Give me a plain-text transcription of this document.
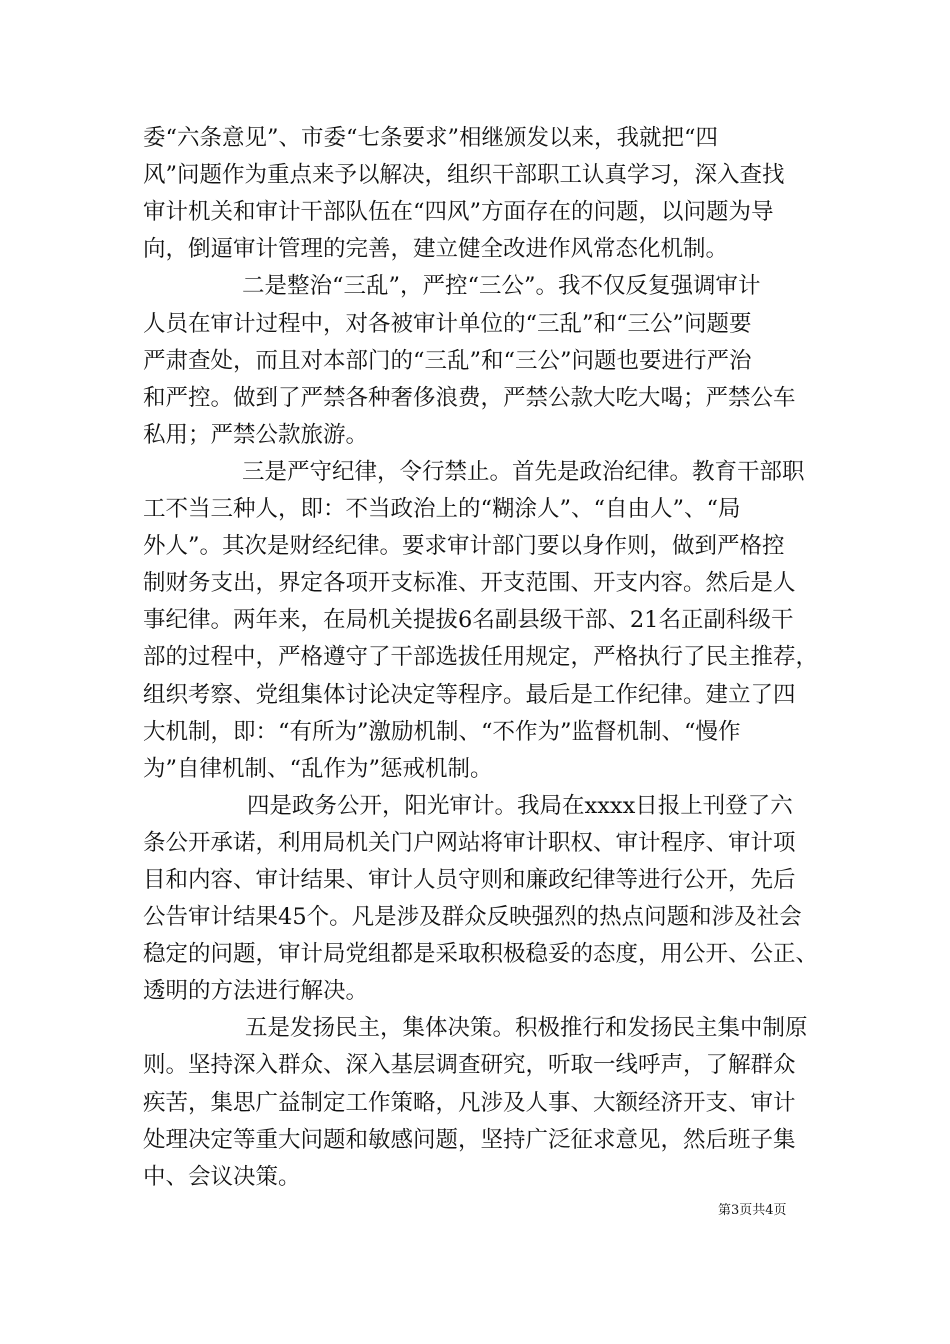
委“六条意见”、市委“七条要求”相继颁发以来，我就把“四
风”问题作为重点来予以解决，组织干部职工认真学习，深入查找
审计机关和审计干部队伍在“四风”方面存在的问题，以问题为导
向，倒逼审计管理的完善，建立健全改进作风常态化机制。
二是整治“三乱”，严控“三公”。我不仅反复强调审计
人员在审计过程中，对各被审计单位的“三乱”和“三公”问题要
严肃查处，而且对本部门的“三乱”和“三公”问题也要进行严治
和严控。做到了严禁各种奢侈浪费，严禁公款大吃大喝；严禁公车
私用；严禁公款旅游。
三是严守纪律，令行禁止。首先是政治纪律。教育干部职
工不当三种人，即：不当政治上的“糊涂人”、“自由人”、“局
外人”。其次是财经纪律。要求审计部门要以身作则，做到严格控
制财务支出，界定各项开支标准、开支范围、开支内容。然后是人
事纪律。两年来，在局机关提拔6名副县级干部、21名正副科级干
部的过程中，严格遵守了干部选拔任用规定，严格执行了民主推荐，
组织考察、党组集体讨论决定等程序。最后是工作纪律。建立了四
大机制，即：“有所为”激励机制、“不作为”监督机制、“慢作
为”自律机制、“乱作为”惩戒机制。
四是政务公开，阳光审计。我局在xxxx日报上刊登了六
条公开承诺，利用局机关门户网站将审计职权、审计程序、审计项
目和内容、审计结果、审计人员守则和廉政纪律等进行公开，先后
公告审计结果45个。凡是涉及群众反映强烈的热点问题和涉及社会
稳定的问题，审计局党组都是采取积极稳妥的态度，用公开、公正、
透明的方法进行解决。
五是发扬民主，集体决策。积极推行和发扬民主集中制原
则。坚持深入群众、深入基层调查研究，听取一线呼声，了解群众
疾苦，集思广益制定工作策略，凡涉及人事、大额经济开支、审计
处理决定等重大问题和敏感问题，坚持广泛征求意见，然后班子集
中、会议决策。
第3页共4页
